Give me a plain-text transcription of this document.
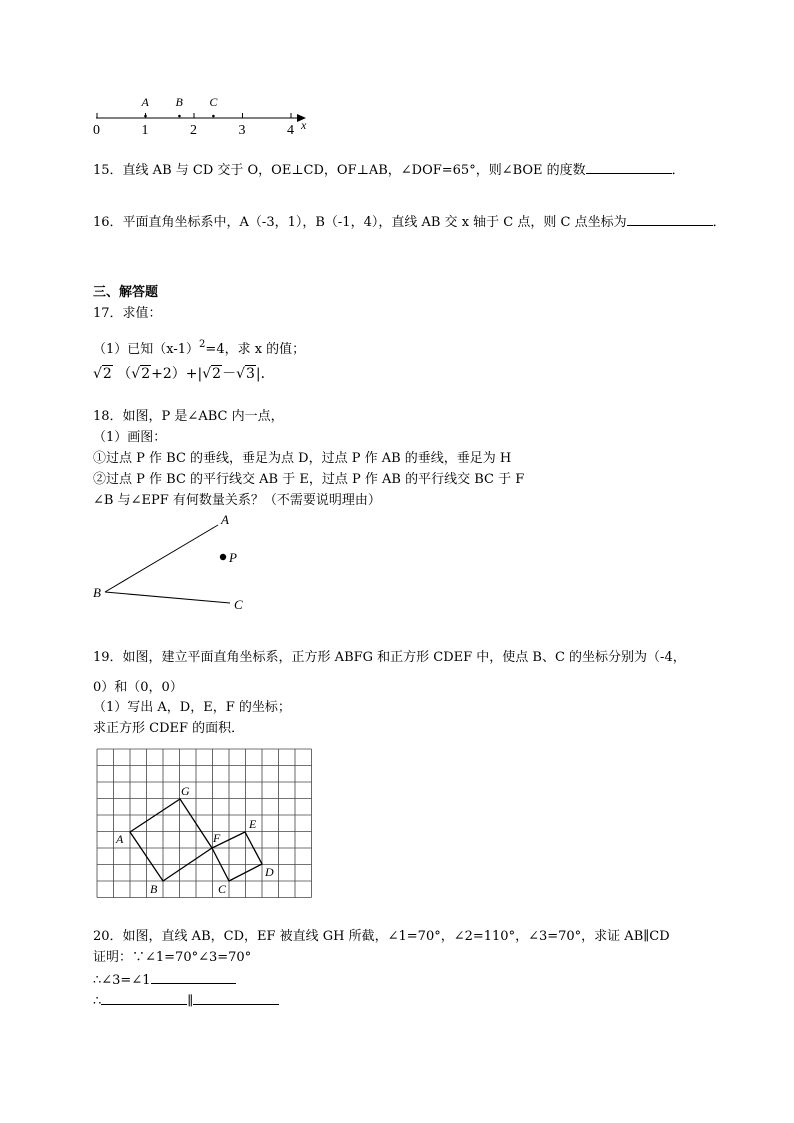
0	1	2	3	4
A B C
x
15．直线 AB 与 CD 交于 O，OE⊥CD，OF⊥AB，∠DOF=65°，则∠BOE 的度数	．
16．平面直角坐标系中，A（-3，1），B（-1，4），直线 AB 交 x 轴于 C 点，则 C 点坐标为	．
三、解答题
17．求值：
（1）已知$(x-1)^2=4$，求 x 的值；
√2 （√2+2）+|√2－√3|．
18．如图，P 是∠ABC 内一点，
（1）画图：
①过点 P 作 BC 的垂线，垂足为点 D，过点 P 作 AB 的垂线，垂足为 H
②过点 P 作 BC 的平行线交 AB 于 E，过点 P 作 AB 的平行线交 BC 于 F
∠B 与∠EPF 有何数量关系？（不需要说明理由）
A
B
C
P
19．如图，建立平面直角坐标系，正方形 ABFG 和正方形 CDEF 中，使点 B、C 的坐标分别为（-4，
0）和（0，0）
（1）写出 A，D，E，F 的坐标；
求正方形 CDEF 的面积．
A
B	C
D
E
F
G
20．如图，直线 AB，CD，EF 被直线 GH 所截，∠1=70°，∠2=110°，∠3=70°，求证 AB∥CD
证明：∵∠1=70°∠3=70°
∴∠3=∠1
∴	∥
